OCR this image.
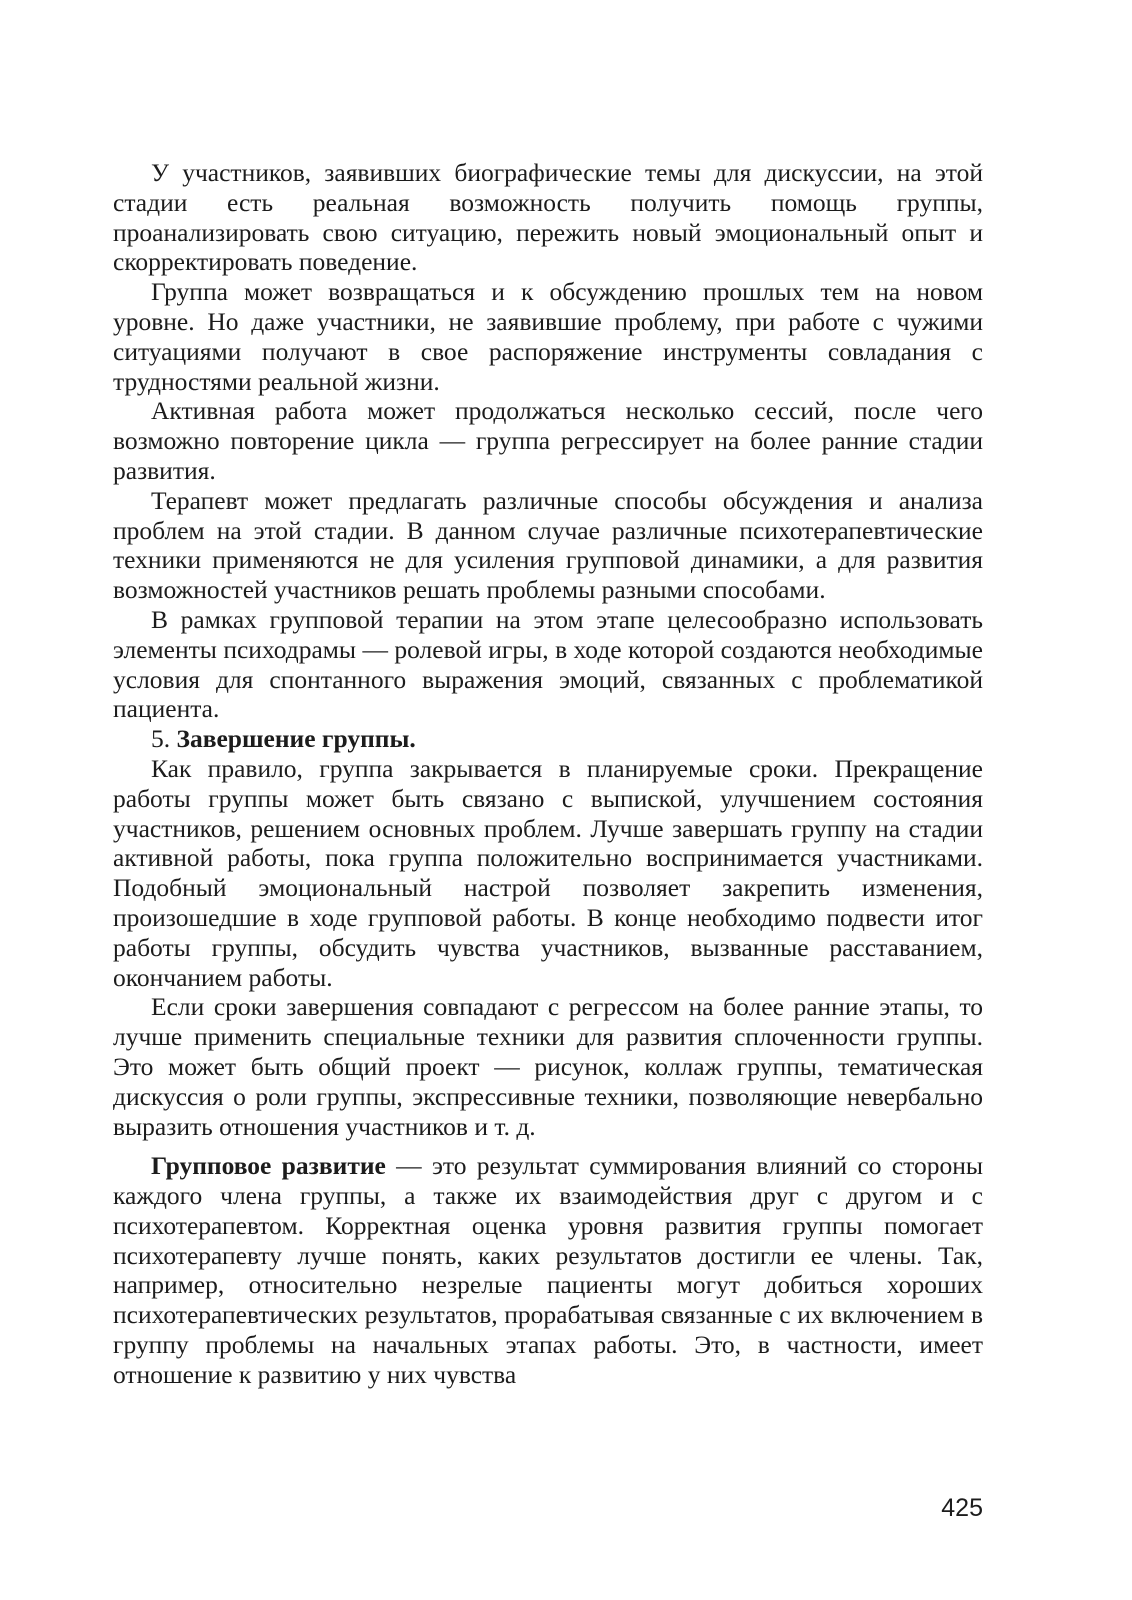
У участников, заявивших биографические темы для дискуссии, на этой стадии есть реальная возможность получить помощь группы, проанализировать свою ситуацию, пережить новый эмоциональный опыт и скорректировать поведение.

Группа может возвращаться и к обсуждению прошлых тем на новом уровне. Но даже участники, не заявившие проблему, при работе с чужими ситуациями получают в свое распоряжение инструменты совладания с трудностями реальной жизни.

Активная работа может продолжаться несколько сессий, после чего возможно повторение цикла — группа регрессирует на более ранние стадии развития.

Терапевт может предлагать различные способы обсуждения и анализа проблем на этой стадии. В данном случае различные психотерапевтические техники применяются не для усиления групповой динамики, а для развития возможностей участников решать проблемы разными способами.

В рамках групповой терапии на этом этапе целесообразно использовать элементы психодрамы — ролевой игры, в ходе которой создаются необходимые условия для спонтанного выражения эмоций, связанных с проблематикой пациента.

5. Завершение группы.

Как правило, группа закрывается в планируемые сроки. Прекращение работы группы может быть связано с выпиской, улучшением состояния участников, решением основных проблем. Лучше завершать группу на стадии активной работы, пока группа положительно воспринимается участниками. Подобный эмоциональный настрой позволяет закрепить изменения, произошедшие в ходе групповой работы. В конце необходимо подвести итог работы группы, обсудить чувства участников, вызванные расставанием, окончанием работы.

Если сроки завершения совпадают с регрессом на более ранние этапы, то лучше применить специальные техники для развития сплоченности группы. Это может быть общий проект — рисунок, коллаж группы, тематическая дискуссия о роли группы, экспрессивные техники, позволяющие невербально выразить отношения участников и т. д.

Групповое развитие — это результат суммирования влияний со стороны каждого члена группы, а также их взаимодействия друг с другом и с психотерапевтом. Корректная оценка уровня развития группы помогает психотерапевту лучше понять, каких результатов достигли ее члены. Так, например, относительно незрелые пациенты могут добиться хороших психотерапевтических результатов, прорабатывая связанные с их включением в группу проблемы на начальных этапах работы. Это, в частности, имеет отношение к развитию у них чувства

425
